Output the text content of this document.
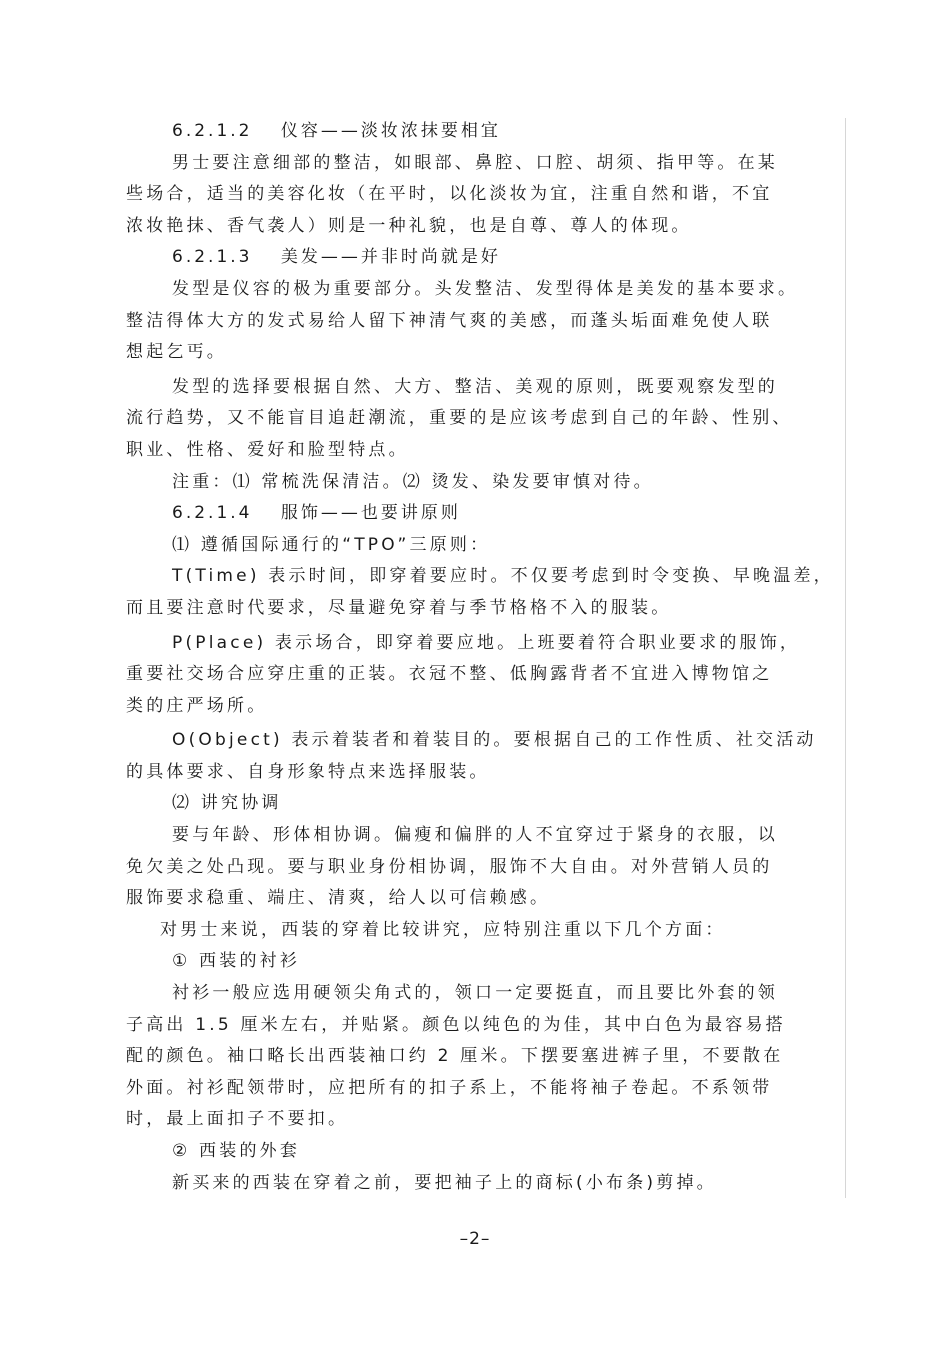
6.2.1.2　 仪容——淡妆浓抹要相宜
男士要注意细部的整洁，如眼部、鼻腔、口腔、胡须、指甲等。在某
些场合，适当的美容化妆（在平时，以化淡妆为宜，注重自然和谐，不宜
浓妆艳抹、香气袭人）则是一种礼貌，也是自尊、尊人的体现。
6.2.1.3　 美发——并非时尚就是好
发型是仪容的极为重要部分。头发整洁、发型得体是美发的基本要求。
整洁得体大方的发式易给人留下神清气爽的美感，而蓬头垢面难免使人联
想起乞丐。
发型的选择要根据自然、大方、整洁、美观的原则，既要观察发型的
流行趋势，又不能盲目追赶潮流，重要的是应该考虑到自己的年龄、性别、
职业、性格、爱好和脸型特点。
注重：⑴ 常梳洗保清洁。⑵ 烫发、染发要审慎对待。
6.2.1.4　 服饰——也要讲原则
⑴ 遵循国际通行的“TPO”三原则：
T(Time) 表示时间，即穿着要应时。不仅要考虑到时令变换、早晚温差，
而且要注意时代要求，尽量避免穿着与季节格格不入的服装。
P(Place) 表示场合，即穿着要应地。上班要着符合职业要求的服饰，
重要社交场合应穿庄重的正装。衣冠不整、低胸露背者不宜进入博物馆之
类的庄严场所。
O(Object) 表示着装者和着装目的。要根据自己的工作性质、社交活动
的具体要求、自身形象特点来选择服装。
⑵ 讲究协调
要与年龄、形体相协调。偏瘦和偏胖的人不宜穿过于紧身的衣服，以
免欠美之处凸现。要与职业身份相协调，服饰不大自由。对外营销人员的
服饰要求稳重、端庄、清爽，给人以可信赖感。
对男士来说，西装的穿着比较讲究，应特别注重以下几个方面：
① 西装的衬衫
衬衫一般应选用硬领尖角式的，领口一定要挺直，而且要比外套的领
子高出 1.5 厘米左右，并贴紧。颜色以纯色的为佳，其中白色为最容易搭
配的颜色。袖口略长出西装袖口约 2 厘米。下摆要塞进裤子里，不要散在
外面。衬衫配领带时，应把所有的扣子系上，不能将袖子卷起。不系领带
时，最上面扣子不要扣。
② 西装的外套
新买来的西装在穿着之前，要把袖子上的商标(小布条)剪掉。
–2–
